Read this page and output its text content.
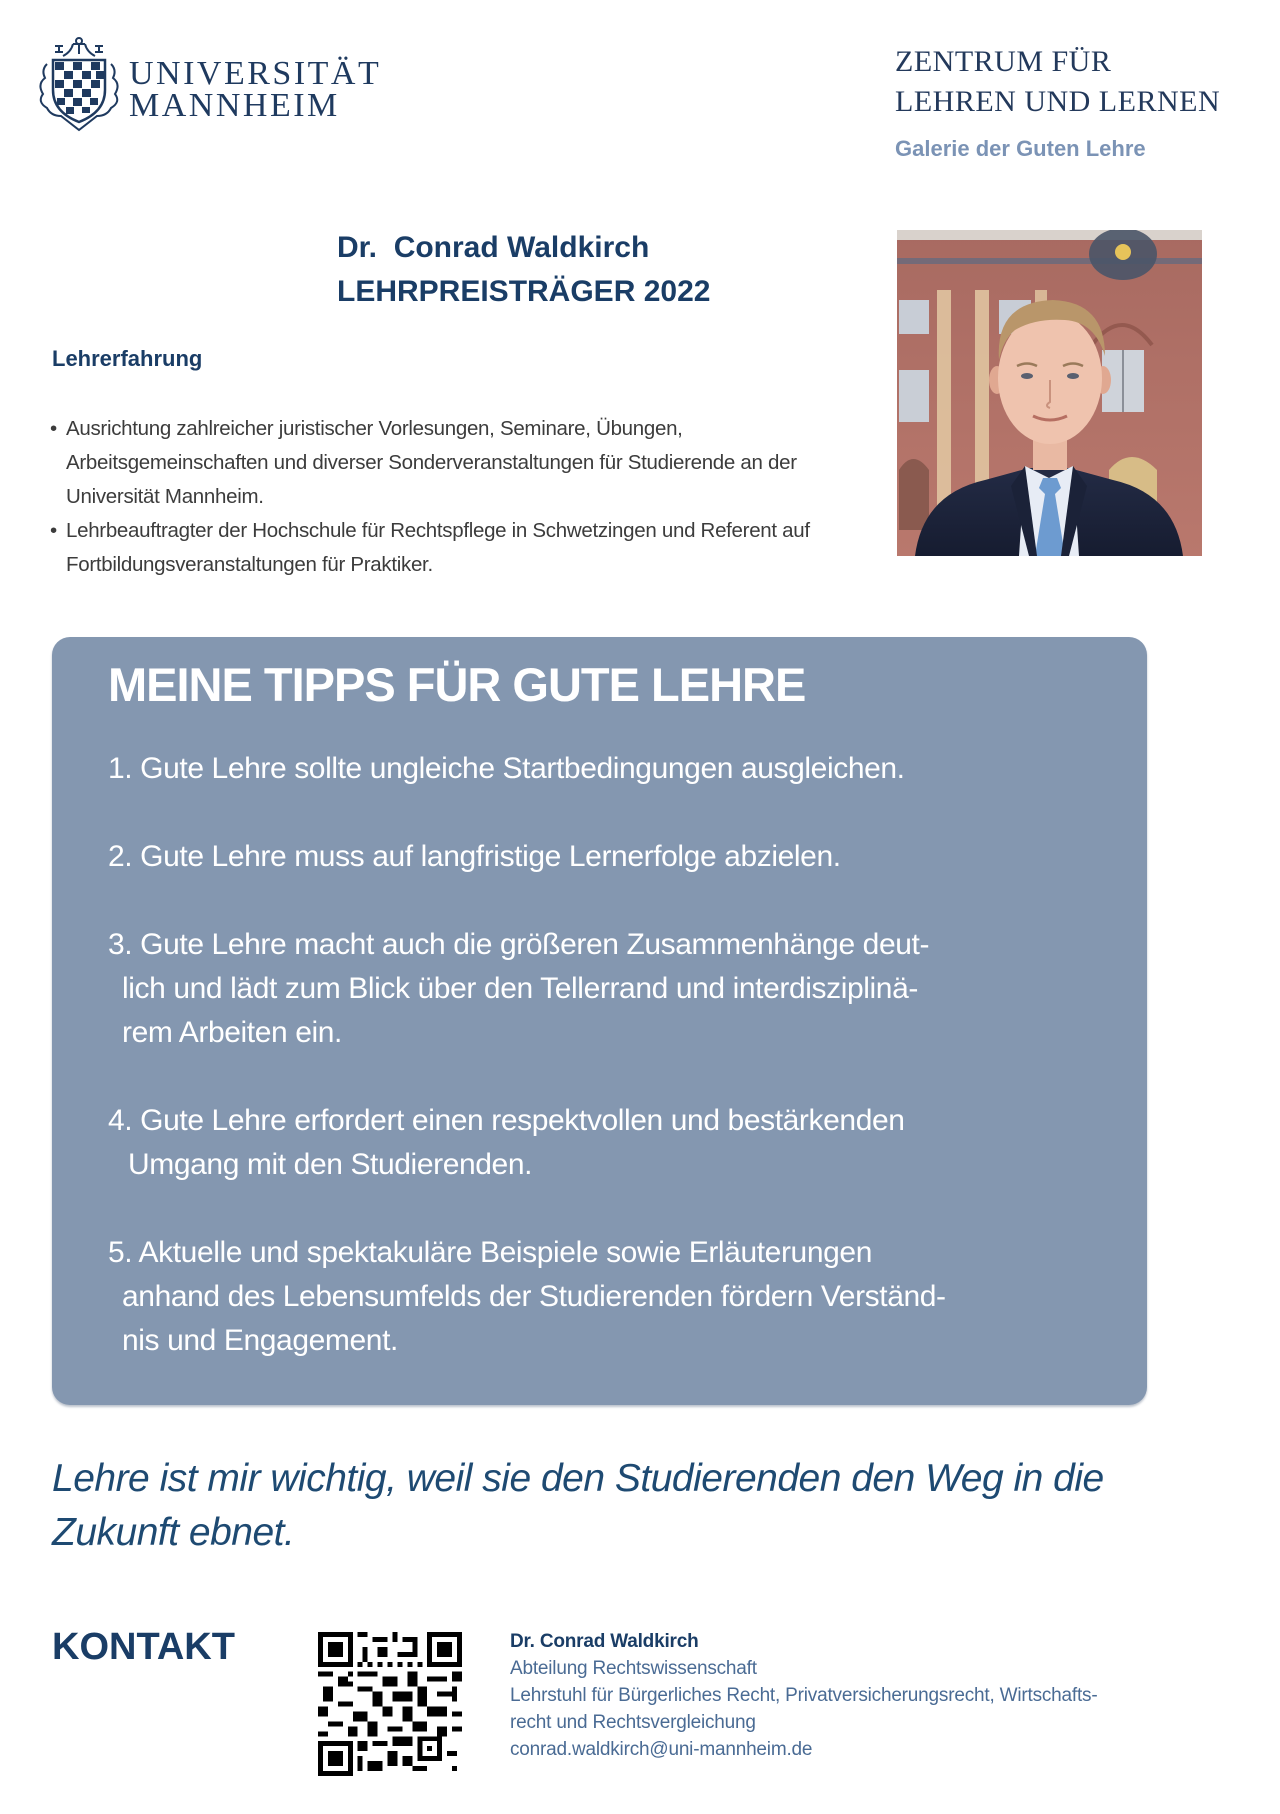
UNIVERSITÄT
MANNHEIM
ZENTRUM FÜR
LEHREN UND LERNEN
Galerie der Guten Lehre
Dr.  Conrad Waldkirch
LEHRPREISTRÄGER 2022
Lehrerfahrung
• Ausrichtung zahlreicher juristischer Vorlesungen, Seminare, Übungen, Arbeitsgemeinschaften und diverser Sonderveranstaltungen für Studierende an der Universität Mannheim.
• Lehrbeauftragter der Hochschule für Rechtspflege in Schwetzingen und Referent auf Fortbildungsveranstaltungen für Praktiker.
MEINE TIPPS FÜR GUTE LEHRE
1. Gute Lehre sollte ungleiche Startbedingungen ausgleichen.
2. Gute Lehre muss auf langfristige Lernerfolge abzielen.
3. Gute Lehre macht auch die größeren Zusammenhänge deut-
lich und lädt zum Blick über den Tellerrand und interdisziplinä-
rem Arbeiten ein.
4. Gute Lehre erfordert einen respektvollen und bestärkenden
Umgang mit den Studierenden.
5. Aktuelle und spektakuläre Beispiele sowie Erläuterungen
anhand des Lebensumfelds der Studierenden fördern Verständ-
nis und Engagement.
Lehre ist mir wichtig, weil sie den Studierenden den Weg in die
Zukunft ebnet.
KONTAKT	Dr. Conrad Waldkirch
Abteilung Rechtswissenschaft
Lehrstuhl für Bürgerliches Recht, Privatversicherungsrecht, Wirtschafts-
recht und Rechtsvergleichung
conrad.waldkirch@uni-mannheim.de
